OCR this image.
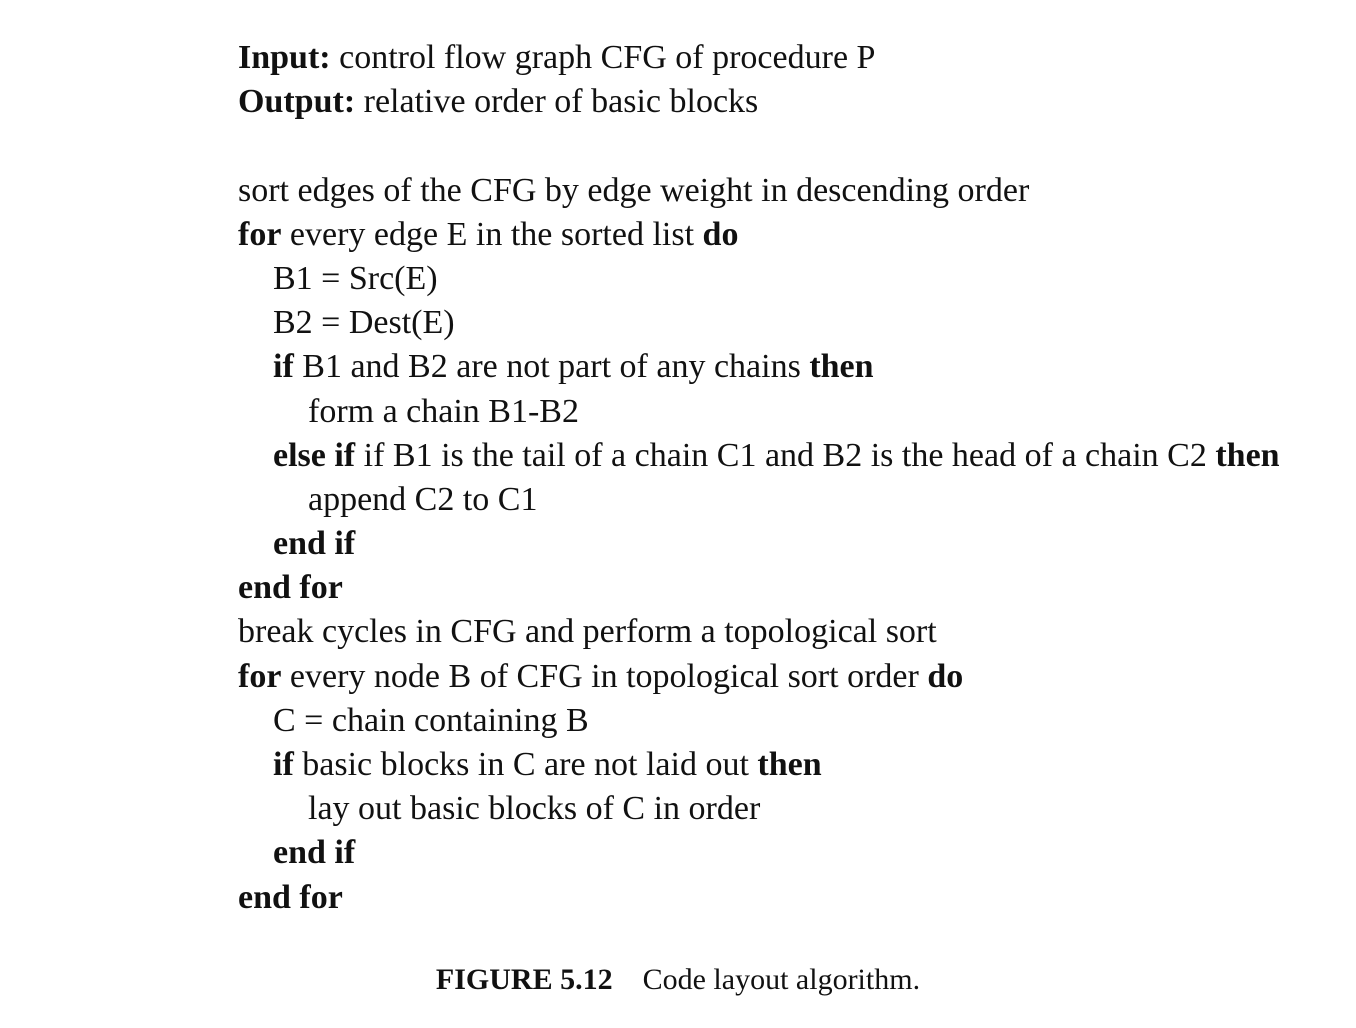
Input: control flow graph CFG of procedure P
Output: relative order of basic blocks
sort edges of the CFG by edge weight in descending order
for every edge E in the sorted list do
B1 = Src(E)
B2 = Dest(E)
if B1 and B2 are not part of any chains then
form a chain B1-B2
else if if B1 is the tail of a chain C1 and B2 is the head of a chain C2 then
append C2 to C1
end if
end for
break cycles in CFG and perform a topological sort
for every node B of CFG in topological sort order do
C = chain containing B
if basic blocks in C are not laid out then
lay out basic blocks of C in order
end if
end for
FIGURE 5.12 Code layout algorithm.
